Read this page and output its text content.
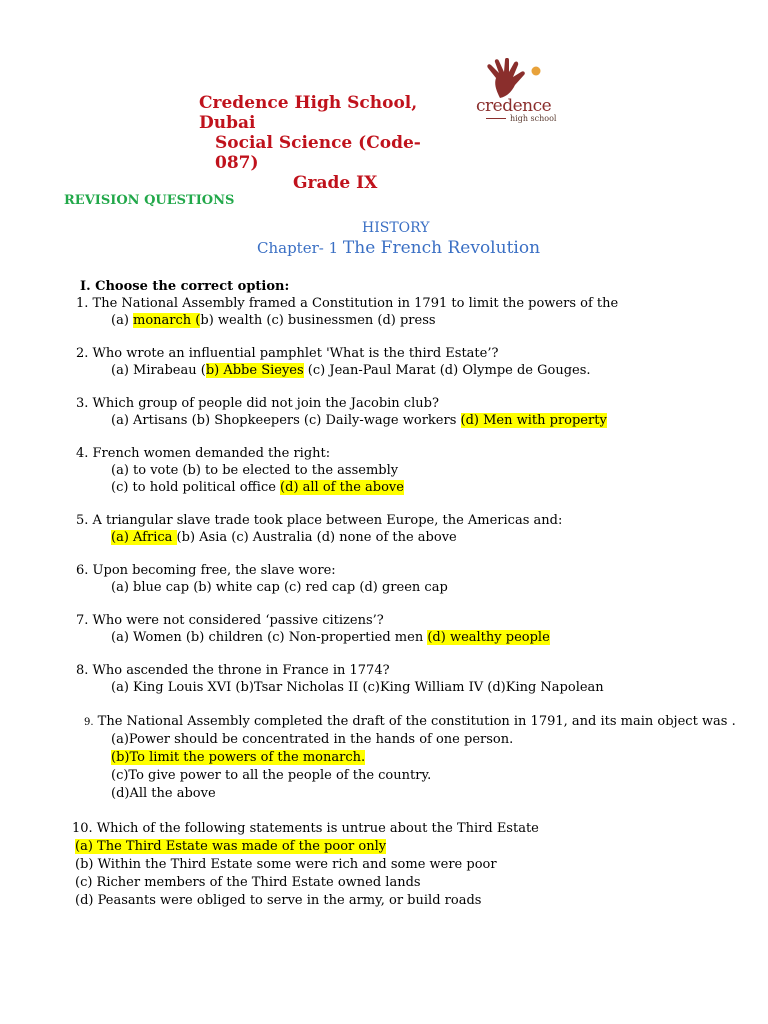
Credence High School,
Dubai
Social Science (Code-
087)
Grade IX
credence
high school
REVISION QUESTIONS
HISTORY
Chapter- 1 The French Revolution
I. Choose the correct option:
1. The National Assembly framed a Constitution in 1791 to limit the powers of the
(a) monarch (b) wealth (c) businessmen (d) press
2. Who wrote an influential pamphlet 'What is the third Estate’?
(a) Mirabeau (b) Abbe Sieyes (c) Jean-Paul Marat (d) Olympe de Gouges.
3. Which group of people did not join the Jacobin club?
(a) Artisans (b) Shopkeepers (c) Daily-wage workers (d) Men with property
4. French women demanded the right:
(a) to vote (b) to be elected to the assembly
(c) to hold political office (d) all of the above
5. A triangular slave trade took place between Europe, the Americas and:
(a) Africa (b) Asia (c) Australia (d) none of the above
6. Upon becoming free, the slave wore:
(a) blue cap (b) white cap (c) red cap (d) green cap
7. Who were not considered ‘passive citizens’?
(a) Women (b) children (c) Non-propertied men (d) wealthy people
8. Who ascended the throne in France in 1774?
(a) King Louis XVI (b)Tsar Nicholas II (c)King William IV (d)King Napolean
9. The National Assembly completed the draft of the constitution in 1791, and its main object was .
(a)Power should be concentrated in the hands of one person.
(b)To limit the powers of the monarch.
(c)To give power to all the people of the country.
(d)All the above
10. Which of the following statements is untrue about the Third Estate
(a) The Third Estate was made of the poor only
(b) Within the Third Estate some were rich and some were poor
(c) Richer members of the Third Estate owned lands
(d) Peasants were obliged to serve in the army, or build roads
